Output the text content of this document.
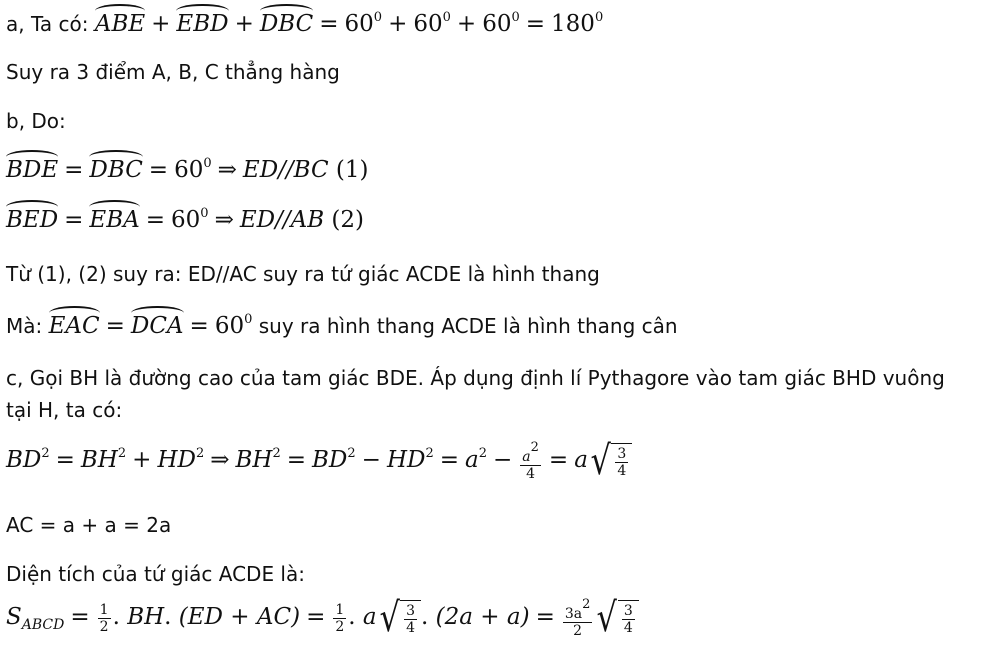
a, Ta có: ABE + EBD + DBC = $60^0 + 60^0 + 60^0 = 180^0$
Suy ra 3 điểm A, B, C thẳng hàng
b, Do:
BDE = DBC = $60^0$ ⇒ ED//BC (1)
BED = EBA = $60^0$ ⇒ ED//AB (2)
Từ (1), (2) suy ra: ED//AC suy ra tứ giác ACDE là hình thang
Mà: EAC = DCA = $60^0$ suy ra hình thang ACDE là hình thang cân
c, Gọi BH là đường cao của tam giác BDE. Áp dụng định lí Pythagore vào tam giác BHD vuông
tại H, ta có:
$BD^2 = BH^2 + HD^2$ ⇒ $BH^2 = BD^2 - HD^2 = a^2 - \frac{a^2}{4} = a$ √ $\frac{3}{4}$
AC = a + a = 2a
Diện tích của tứ giác ACDE là:
$S_{ABCD} = \frac{1}{2}$ . BH. $(ED + AC) = \frac{1}{2}$ . a √ $\frac{3}{4}$ . $(2a + a) = \frac{3a^2}{2}$ √ $\frac{3}{4}$
